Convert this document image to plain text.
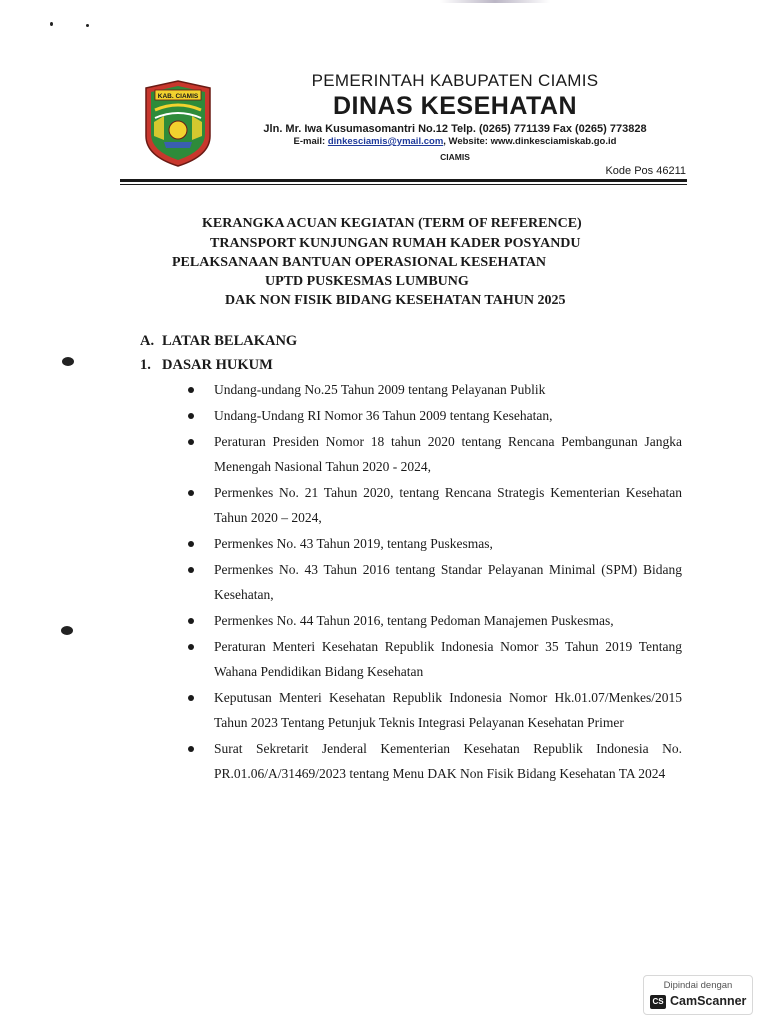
KAB. CIAMIS
PEMERINTAH KABUPATEN CIAMIS
DINAS KESEHATAN
Jln. Mr. Iwa Kusumasomantri No.12 Telp. (0265) 771139 Fax (0265) 773828
E-mail: dinkesciamis@ymail.com, Website: www.dinkesciamiskab.go.id
CIAMIS
Kode Pos 46211
KERANGKA ACUAN KEGIATAN (TERM OF REFERENCE)
TRANSPORT KUNJUNGAN RUMAH KADER POSYANDU
PELAKSANAAN BANTUAN OPERASIONAL KESEHATAN
UPTD PUSKESMAS LUMBUNG
DAK NON FISIK BIDANG KESEHATAN TAHUN 2025
A. LATAR BELAKANG
1. DASAR HUKUM
Undang-undang No.25 Tahun 2009 tentang Pelayanan Publik
Undang-Undang RI Nomor 36 Tahun 2009 tentang Kesehatan,
Peraturan Presiden Nomor 18 tahun 2020 tentang Rencana Pembangunan Jangka Menengah Nasional Tahun 2020 - 2024,
Permenkes No. 21 Tahun 2020, tentang Rencana Strategis Kementerian Kesehatan Tahun 2020 – 2024,
Permenkes No. 43 Tahun 2019, tentang Puskesmas,
Permenkes No. 43 Tahun 2016 tentang Standar Pelayanan Minimal (SPM) Bidang Kesehatan,
Permenkes No. 44 Tahun 2016, tentang Pedoman Manajemen Puskesmas,
Peraturan Menteri Kesehatan Republik Indonesia Nomor 35 Tahun 2019 Tentang Wahana Pendidikan Bidang Kesehatan
Keputusan Menteri Kesehatan Republik Indonesia Nomor Hk.01.07/Menkes/2015 Tahun 2023 Tentang Petunjuk Teknis Integrasi Pelayanan Kesehatan Primer
Surat Sekretarit Jenderal Kementerian Kesehatan Republik Indonesia No. PR.01.06/A/31469/2023 tentang Menu DAK Non Fisik Bidang Kesehatan TA 2024
Dipindai dengan
CS CamScanner
